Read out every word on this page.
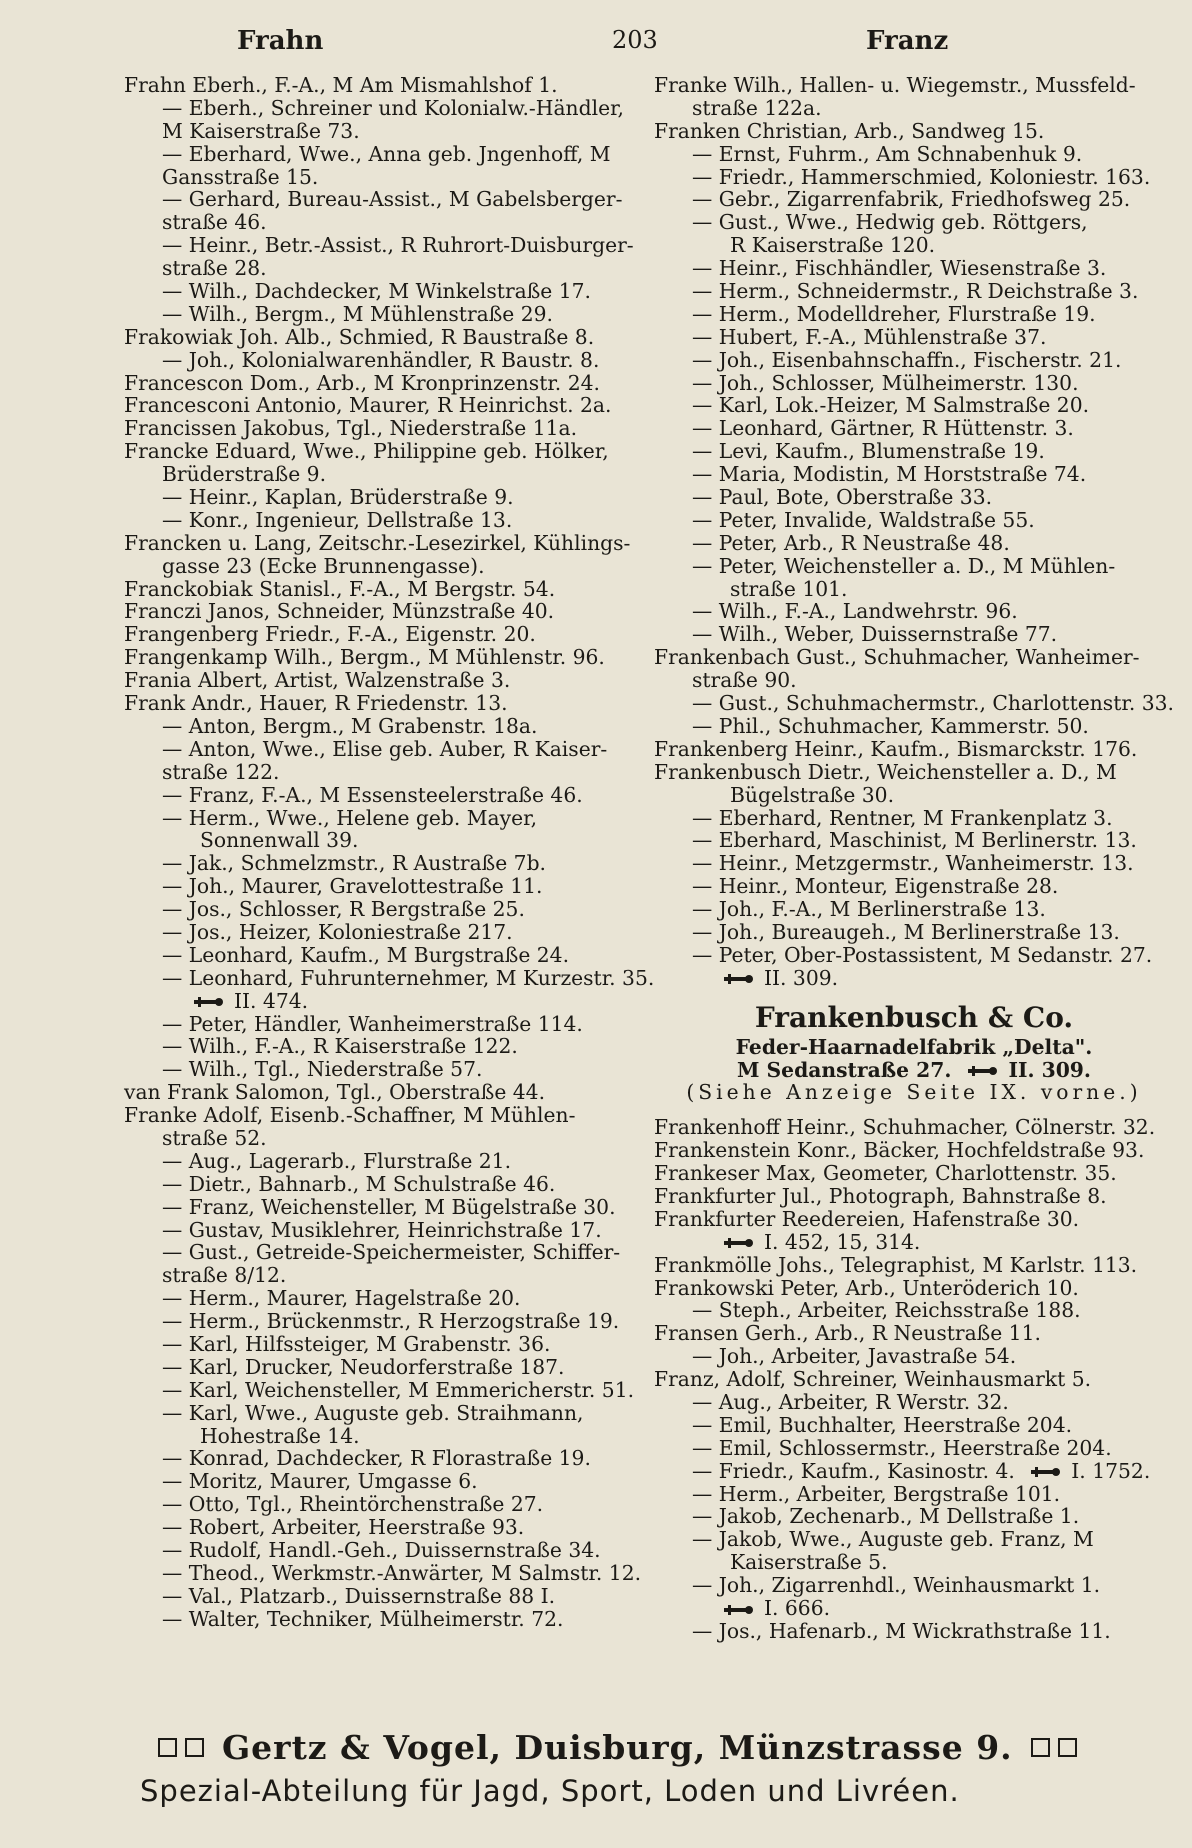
Frahn	203	Franz
Frahn Eberh., F.-A., M Am Mismahlshof 1.
— Eberh., Schreiner und Kolonialw.-Händler,
M Kaiserstraße 73.
— Eberhard, Wwe., Anna geb. Jngenhoff, M
Gansstraße 15.
— Gerhard, Bureau-Assist., M Gabelsberger-
straße 46.
— Heinr., Betr.-Assist., R Ruhrort-Duisburger-
straße 28.
— Wilh., Dachdecker, M Winkelstraße 17.
— Wilh., Bergm., M Mühlenstraße 29.
Frakowiak Joh. Alb., Schmied, R Baustraße 8.
— Joh., Kolonialwarenhändler, R Baustr. 8.
Francescon Dom., Arb., M Kronprinzenstr. 24.
Francesconi Antonio, Maurer, R Heinrichst. 2a.
Francissen Jakobus, Tgl., Niederstraße 11a.
Francke Eduard, Wwe., Philippine geb. Hölker,
Brüderstraße 9.
— Heinr., Kaplan, Brüderstraße 9.
— Konr., Ingenieur, Dellstraße 13.
Francken u. Lang, Zeitschr.-Lesezirkel, Kühlings-
gasse 23 (Ecke Brunnengasse).
Franckobiak Stanisl., F.-A., M Bergstr. 54.
Franczi Janos, Schneider, Münzstraße 40.
Frangenberg Friedr., F.-A., Eigenstr. 20.
Frangenkamp Wilh., Bergm., M Mühlenstr. 96.
Frania Albert, Artist, Walzenstraße 3.
Frank Andr., Hauer, R Friedenstr. 13.
— Anton, Bergm., M Grabenstr. 18a.
— Anton, Wwe., Elise geb. Auber, R Kaiser-
straße 122.
— Franz, F.-A., M Essensteelerstraße 46.
— Herm., Wwe., Helene geb. Mayer,
Sonnenwall 39.
— Jak., Schmelzmstr., R Austraße 7b.
— Joh., Maurer, Gravelottestraße 11.
— Jos., Schlosser, R Bergstraße 25.
— Jos., Heizer, Koloniestraße 217.
— Leonhard, Kaufm., M Burgstraße 24.
— Leonhard, Fuhrunternehmer, M Kurzestr. 35.
II. 474.
— Peter, Händler, Wanheimerstraße 114.
— Wilh., F.-A., R Kaiserstraße 122.
— Wilh., Tgl., Niederstraße 57.
van Frank Salomon, Tgl., Oberstraße 44.
Franke Adolf, Eisenb.-Schaffner, M Mühlen-
straße 52.
— Aug., Lagerarb., Flurstraße 21.
— Dietr., Bahnarb., M Schulstraße 46.
— Franz, Weichensteller, M Bügelstraße 30.
— Gustav, Musiklehrer, Heinrichstraße 17.
— Gust., Getreide-Speichermeister, Schiffer-
straße 8/12.
— Herm., Maurer, Hagelstraße 20.
— Herm., Brückenmstr., R Herzogstraße 19.
— Karl, Hilfssteiger, M Grabenstr. 36.
— Karl, Drucker, Neudorferstraße 187.
— Karl, Weichensteller, M Emmericherstr. 51.
— Karl, Wwe., Auguste geb. Straihmann,
Hohestraße 14.
— Konrad, Dachdecker, R Florastraße 19.
— Moritz, Maurer, Umgasse 6.
— Otto, Tgl., Rheintörchenstraße 27.
— Robert, Arbeiter, Heerstraße 93.
— Rudolf, Handl.-Geh., Duissernstraße 34.
— Theod., Werkmstr.-Anwärter, M Salmstr. 12.
— Val., Platzarb., Duissernstraße 88 I.
— Walter, Techniker, Mülheimerstr. 72.
Franke Wilh., Hallen- u. Wiegemstr., Mussfeld-
straße 122a.
Franken Christian, Arb., Sandweg 15.
— Ernst, Fuhrm., Am Schnabenhuk 9.
— Friedr., Hammerschmied, Koloniestr. 163.
— Gebr., Zigarrenfabrik, Friedhofsweg 25.
— Gust., Wwe., Hedwig geb. Röttgers,
R Kaiserstraße 120.
— Heinr., Fischhändler, Wiesenstraße 3.
— Herm., Schneidermstr., R Deichstraße 3.
— Herm., Modelldreher, Flurstraße 19.
— Hubert, F.-A., Mühlenstraße 37.
— Joh., Eisenbahnschaffn., Fischerstr. 21.
— Joh., Schlosser, Mülheimerstr. 130.
— Karl, Lok.-Heizer, M Salmstraße 20.
— Leonhard, Gärtner, R Hüttenstr. 3.
— Levi, Kaufm., Blumenstraße 19.
— Maria, Modistin, M Horststraße 74.
— Paul, Bote, Oberstraße 33.
— Peter, Invalide, Waldstraße 55.
— Peter, Arb., R Neustraße 48.
— Peter, Weichensteller a. D., M Mühlen-
straße 101.
— Wilh., F.-A., Landwehrstr. 96.
— Wilh., Weber, Duissernstraße 77.
Frankenbach Gust., Schuhmacher, Wanheimer-
straße 90.
— Gust., Schuhmachermstr., Charlottenstr. 33.
— Phil., Schuhmacher, Kammerstr. 50.
Frankenberg Heinr., Kaufm., Bismarckstr. 176.
Frankenbusch Dietr., Weichensteller a. D., M
Bügelstraße 30.
— Eberhard, Rentner, M Frankenplatz 3.
— Eberhard, Maschinist, M Berlinerstr. 13.
— Heinr., Metzgermstr., Wanheimerstr. 13.
— Heinr., Monteur, Eigenstraße 28.
— Joh., F.-A., M Berlinerstraße 13.
— Joh., Bureaugeh., M Berlinerstraße 13.
— Peter, Ober-Postassistent, M Sedanstr. 27.
II. 309.
Frankenbusch & Co.
Feder-Haarnadelfabrik „Delta".
M Sedanstraße 27.	II. 309.
(Siehe Anzeige Seite IX. vorne.)
Frankenhoff Heinr., Schuhmacher, Cölnerstr. 32.
Frankenstein Konr., Bäcker, Hochfeldstraße 93.
Frankeser Max, Geometer, Charlottenstr. 35.
Frankfurter Jul., Photograph, Bahnstraße 8.
Frankfurter Reedereien, Hafenstraße 30.
I. 452, 15, 314.
Frankmölle Johs., Telegraphist, M Karlstr. 113.
Frankowski Peter, Arb., Unteröderich 10.
— Steph., Arbeiter, Reichsstraße 188.
Fransen Gerh., Arb., R Neustraße 11.
— Joh., Arbeiter, Javastraße 54.
Franz, Adolf, Schreiner, Weinhausmarkt 5.
— Aug., Arbeiter, R Werstr. 32.
— Emil, Buchhalter, Heerstraße 204.
— Emil, Schlossermstr., Heerstraße 204.
— Friedr., Kaufm., Kasinostr. 4.	I. 1752.
— Herm., Arbeiter, Bergstraße 101.
— Jakob, Zechenarb., M Dellstraße 1.
— Jakob, Wwe., Auguste geb. Franz, M
Kaiserstraße 5.
— Joh., Zigarrenhdl., Weinhausmarkt 1.
I. 666.
— Jos., Hafenarb., M Wickrathstraße 11.
Gertz & Vogel, Duisburg, Münzstrasse 9.
Spezial-Abteilung für Jagd, Sport, Loden und Livréen.
